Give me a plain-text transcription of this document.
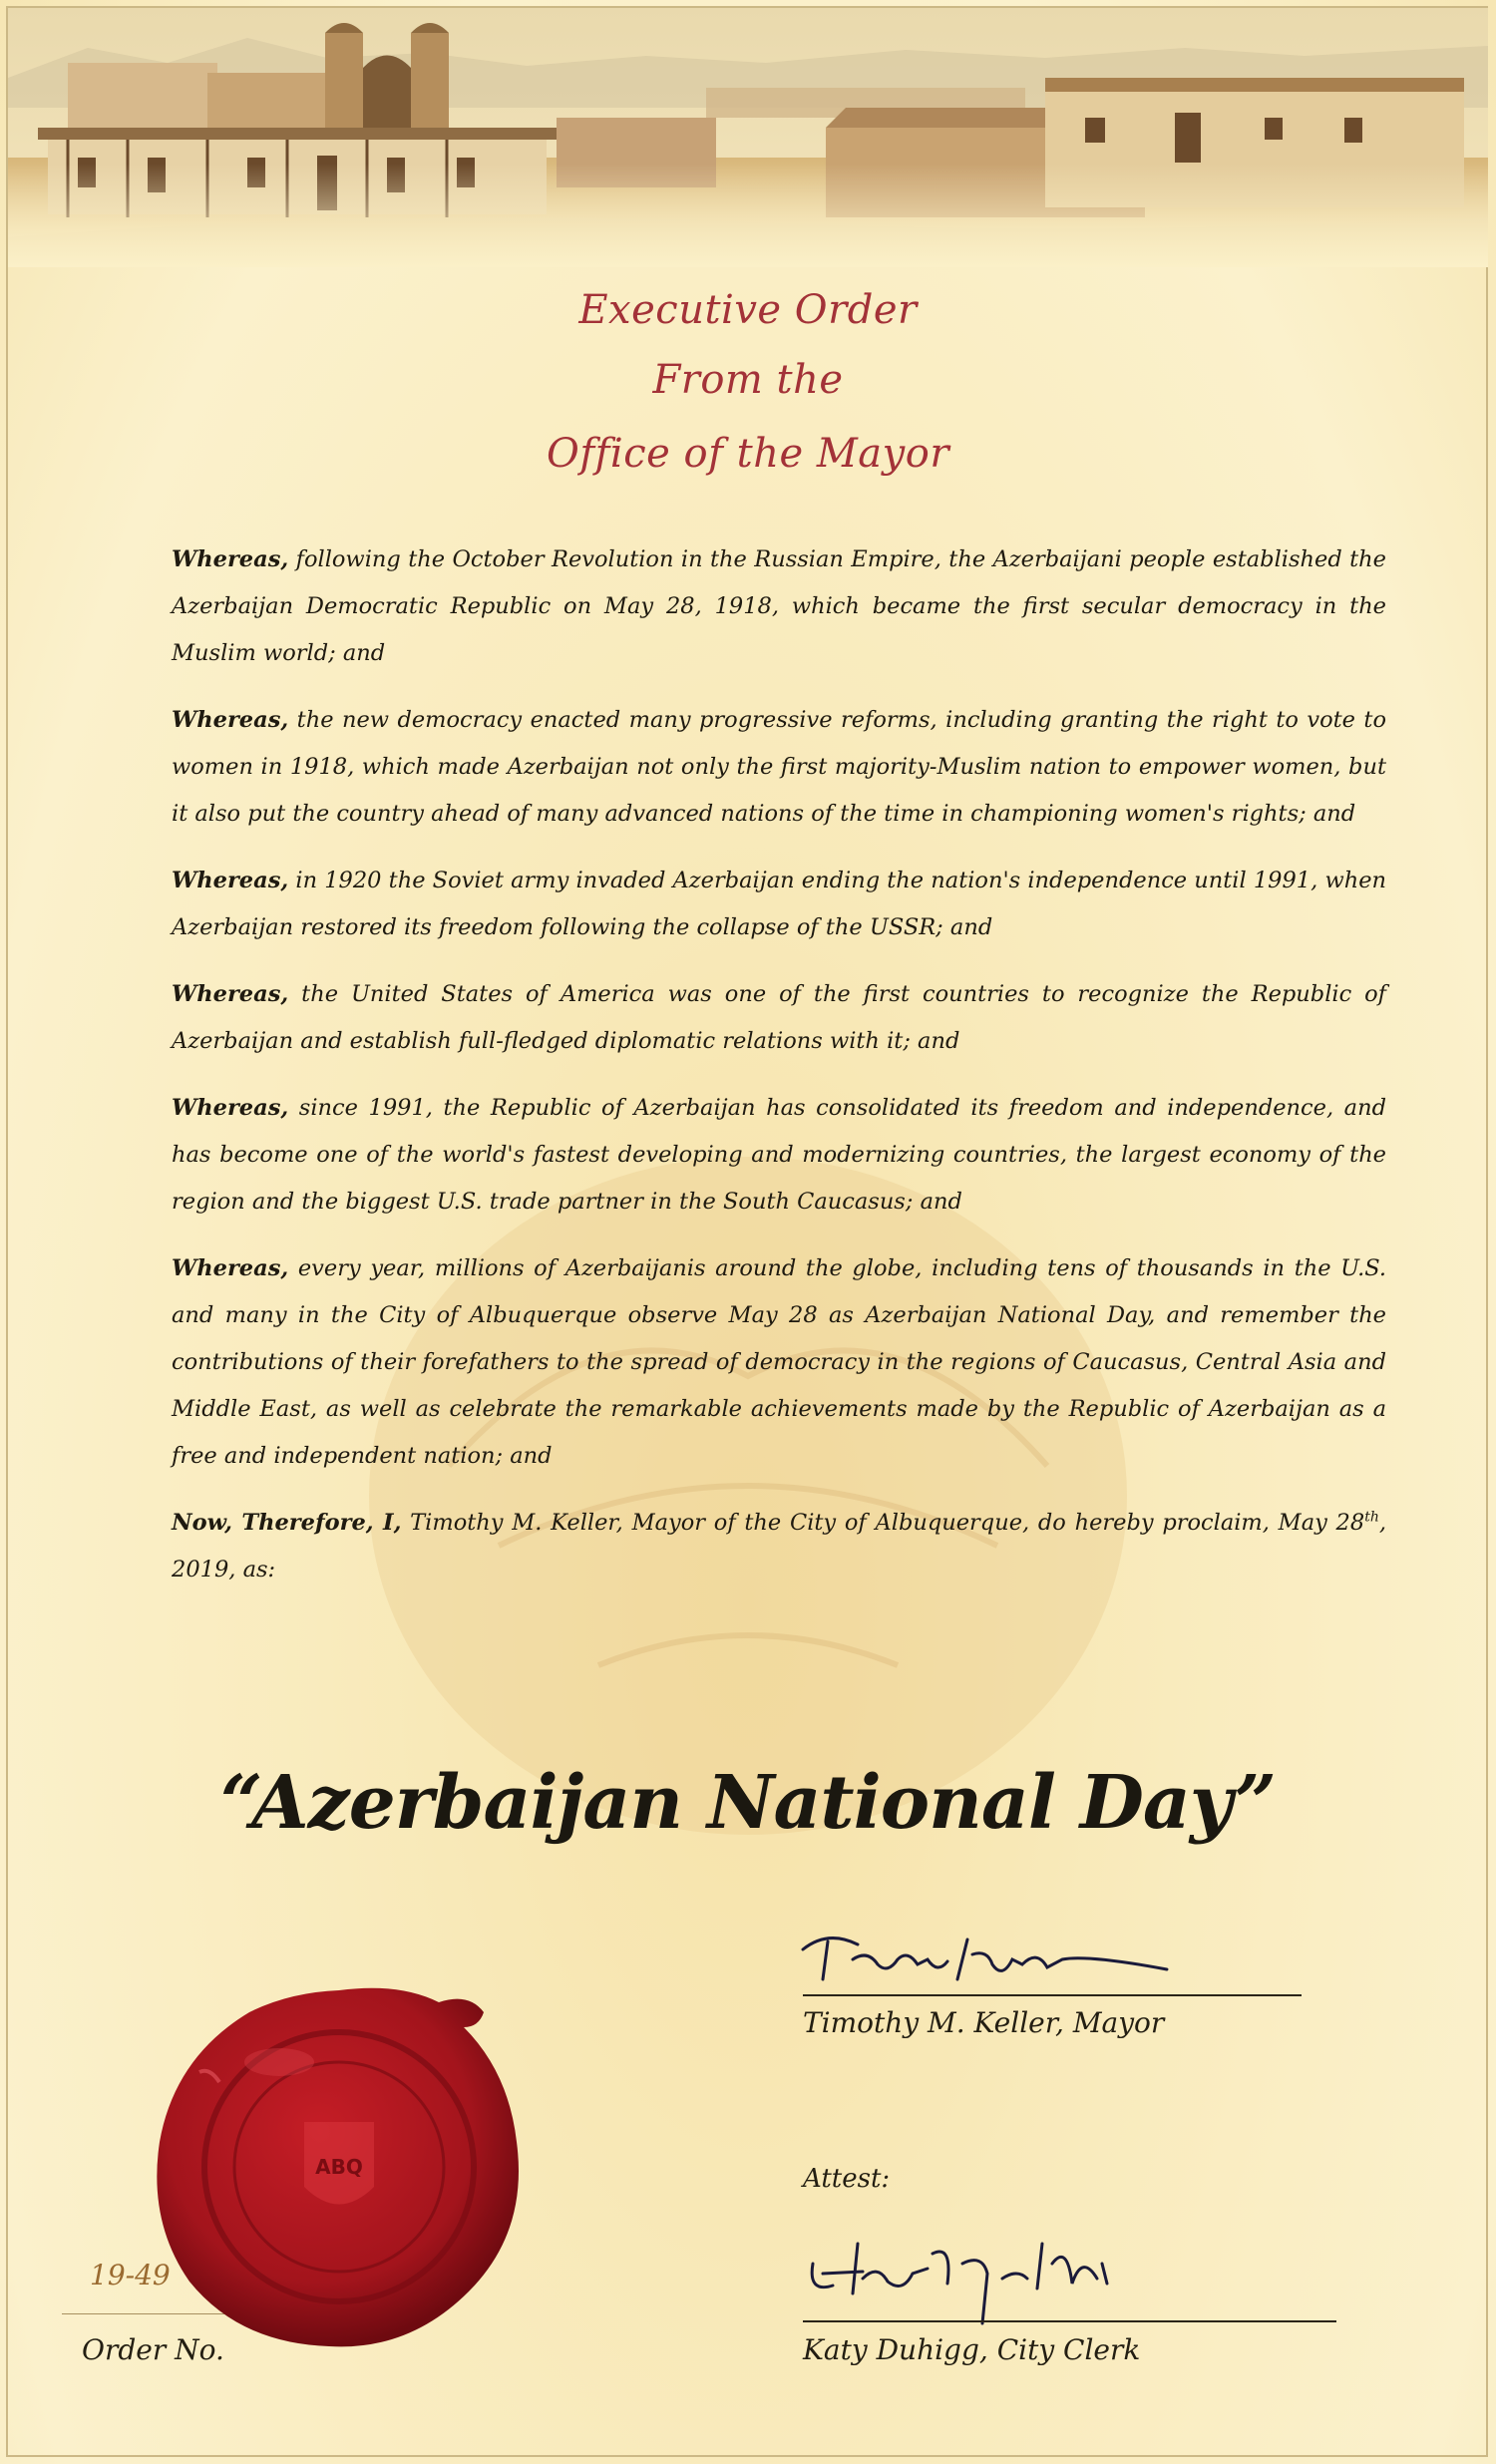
Executive Order
From the
Office of the Mayor

Whereas, following the October Revolution in the Russian Empire, the Azerbaijani people established the Azerbaijan Democratic Republic on May 28, 1918, which became the first secular democracy in the Muslim world; and

Whereas, the new democracy enacted many progressive reforms, including granting the right to vote to women in 1918, which made Azerbaijan not only the first majority-Muslim nation to empower women, but it also put the country ahead of many advanced nations of the time in championing women's rights; and

Whereas, in 1920 the Soviet army invaded Azerbaijan ending the nation's independence until 1991, when Azerbaijan restored its freedom following the collapse of the USSR; and

Whereas, the United States of America was one of the first countries to recognize the Republic of Azerbaijan and establish full-fledged diplomatic relations with it; and

Whereas, since 1991, the Republic of Azerbaijan has consolidated its freedom and independence, and has become one of the world's fastest developing and modernizing countries, the largest economy of the region and the biggest U.S. trade partner in the South Caucasus; and

Whereas, every year, millions of Azerbaijanis around the globe, including tens of thousands in the U.S. and many in the City of Albuquerque observe May 28 as Azerbaijan National Day, and remember the contributions of their forefathers to the spread of democracy in the regions of Caucasus, Central Asia and Middle East, as well as celebrate the remarkable achievements made by the Republic of Azerbaijan as a free and independent nation; and

Now, Therefore, I, Timothy M. Keller, Mayor of the City of Albuquerque, do hereby proclaim, May 28th, 2019, as:

“Azerbaijan National Day”
Timothy M. Keller, Mayor
Attest:
Katy Duhigg, City Clerk
19-49
Order No.
ABQ
